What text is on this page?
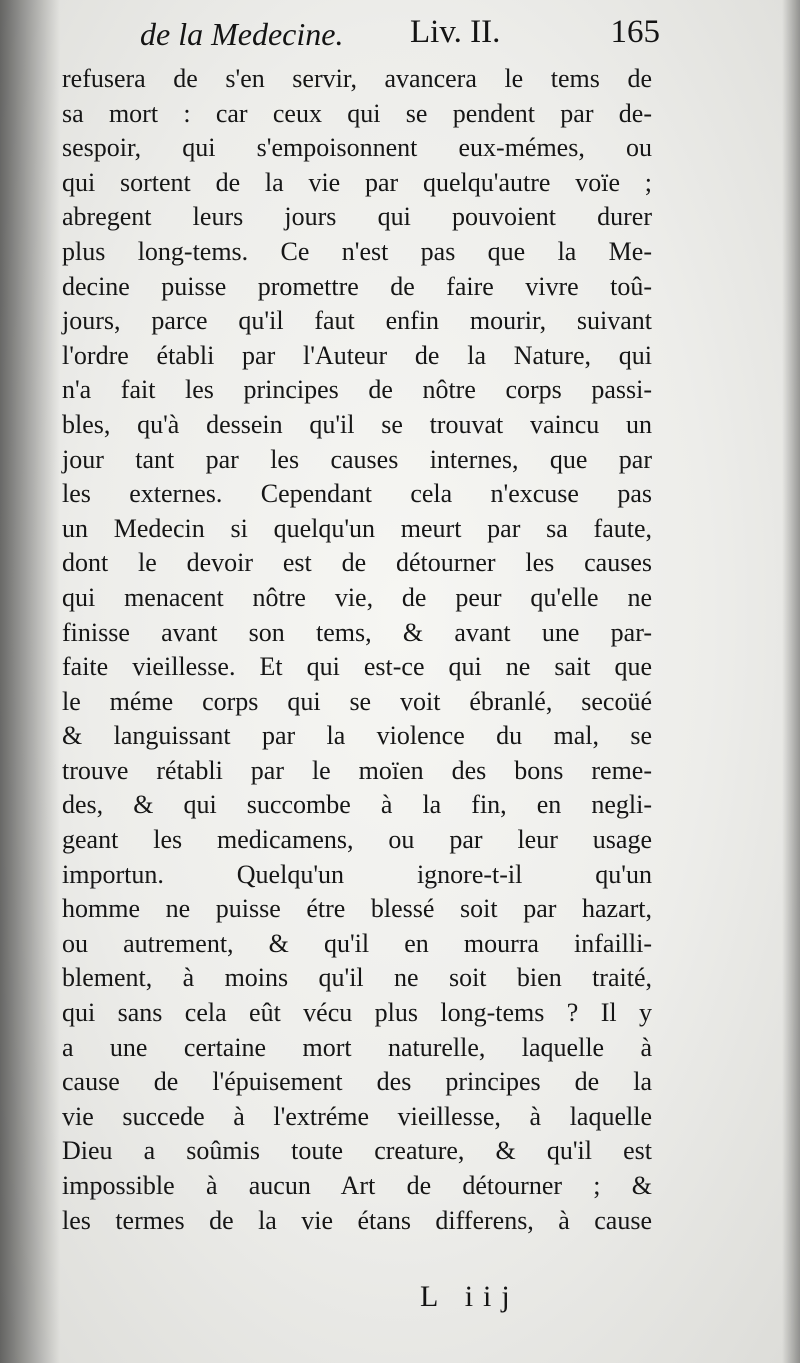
de la Medecine. Liv. II.	165
refusera de s'en servir, avancera le tems de
sa mort : car ceux qui se pendent par de-
sespoir, qui s'empoisonnent eux-mémes, ou
qui sortent de la vie par quelqu'autre voïe ;
abregent leurs jours qui pouvoient durer
plus long-tems. Ce n'est pas que la Me-
decine puisse promettre de faire vivre toû-
jours, parce qu'il faut enfin mourir, suivant
l'ordre établi par l'Auteur de la Nature, qui
n'a fait les principes de nôtre corps passi-
bles, qu'à dessein qu'il se trouvat vaincu un
jour tant par les causes internes, que par
les externes. Cependant cela n'excuse pas
un Medecin si quelqu'un meurt par sa faute,
dont le devoir est de détourner les causes
qui menacent nôtre vie, de peur qu'elle ne
finisse avant son tems, & avant une par-
faite vieillesse. Et qui est-ce qui ne sait que
le méme corps qui se voit ébranlé, secoüé
& languissant par la violence du mal, se
trouve rétabli par le moïen des bons reme-
des, & qui succombe à la fin, en negli-
geant les medicamens, ou par leur usage
importun. Quelqu'un ignore-t-il qu'un
homme ne puisse étre blessé soit par hazart,
ou autrement, & qu'il en mourra infailli-
blement, à moins qu'il ne soit bien traité,
qui sans cela eût vécu plus long-tems ? Il y
a une certaine mort naturelle, laquelle à
cause de l'épuisement des principes de la
vie succede à l'extréme vieillesse, à laquelle
Dieu a soûmis toute creature, & qu'il est
impossible à aucun Art de détourner ; &
les termes de la vie étans differens, à cause
L iij
